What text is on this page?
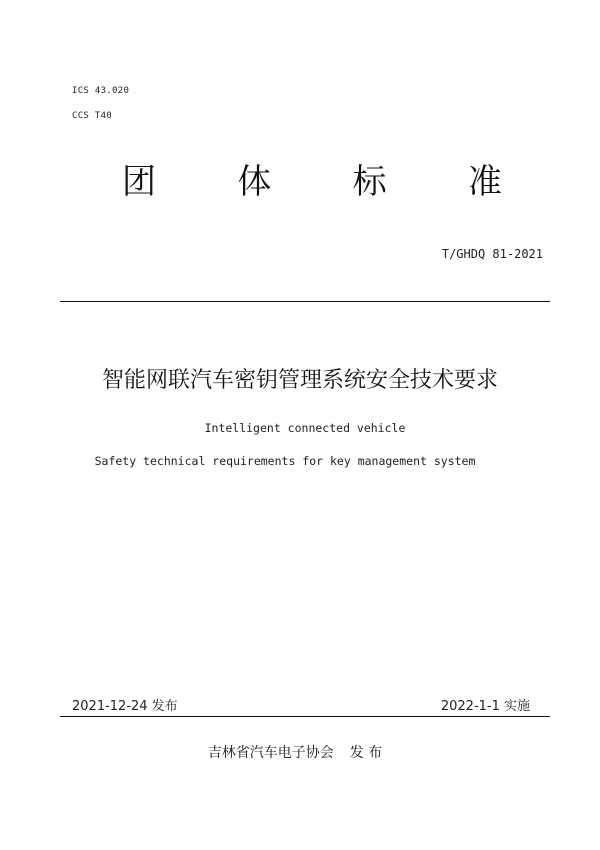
ICS 43.020
CCS T40
团 体 标 准
T/GHDQ 81-2021
智能网联汽车密钥管理系统安全技术要求
Intelligent connected vehicle
Safety technical requirements for key management system
2021-12-24 发布	2022-1-1 实施
吉林省汽车电子协会 发 布
